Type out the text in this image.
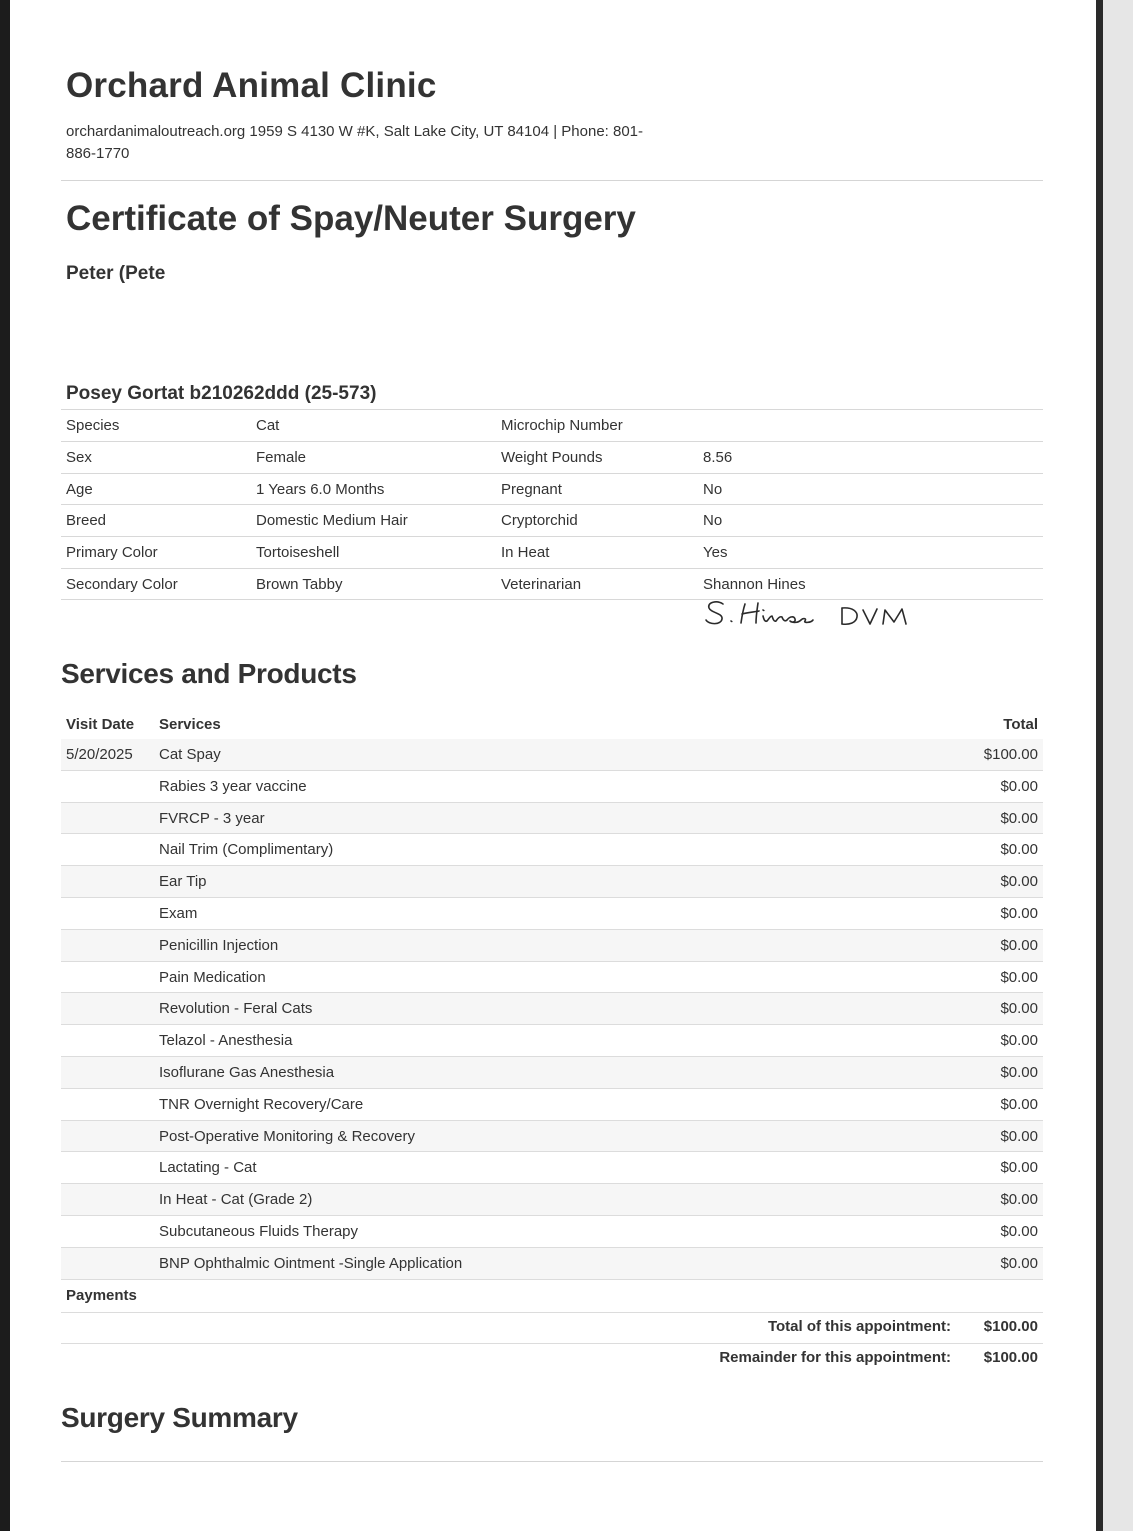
Orchard Animal Clinic
orchardanimaloutreach.org 1959 S 4130 W #K, Salt Lake City, UT 84104 | Phone: 801-
886-1770
Certificate of Spay/Neuter Surgery
Peter (Pete
Posey Gortat b210262ddd (25-573)
Species	Cat	Microchip Number
Sex	Female	Weight Pounds	8.56
Age	1 Years 6.0 Months	Pregnant	No
Breed	Domestic Medium Hair	Cryptorchid	No
Primary Color	Tortoiseshell	In Heat	Yes
Secondary Color	Brown Tabby	Veterinarian	Shannon Hines
Services and Products
Visit Date Services	Total
5/20/2025 Cat Spay	$100.00
Rabies 3 year vaccine	$0.00
FVRCP - 3 year	$0.00
Nail Trim (Complimentary)	$0.00
Ear Tip	$0.00
Exam	$0.00
Penicillin Injection	$0.00
Pain Medication	$0.00
Revolution - Feral Cats	$0.00
Telazol - Anesthesia	$0.00
Isoflurane Gas Anesthesia	$0.00
TNR Overnight Recovery/Care	$0.00
Post-Operative Monitoring & Recovery	$0.00
Lactating - Cat	$0.00
In Heat - Cat (Grade 2)	$0.00
Subcutaneous Fluids Therapy	$0.00
BNP Ophthalmic Ointment -Single Application	$0.00
Payments
Total of this appointment: $100.00
Remainder for this appointment: $100.00
Surgery Summary
